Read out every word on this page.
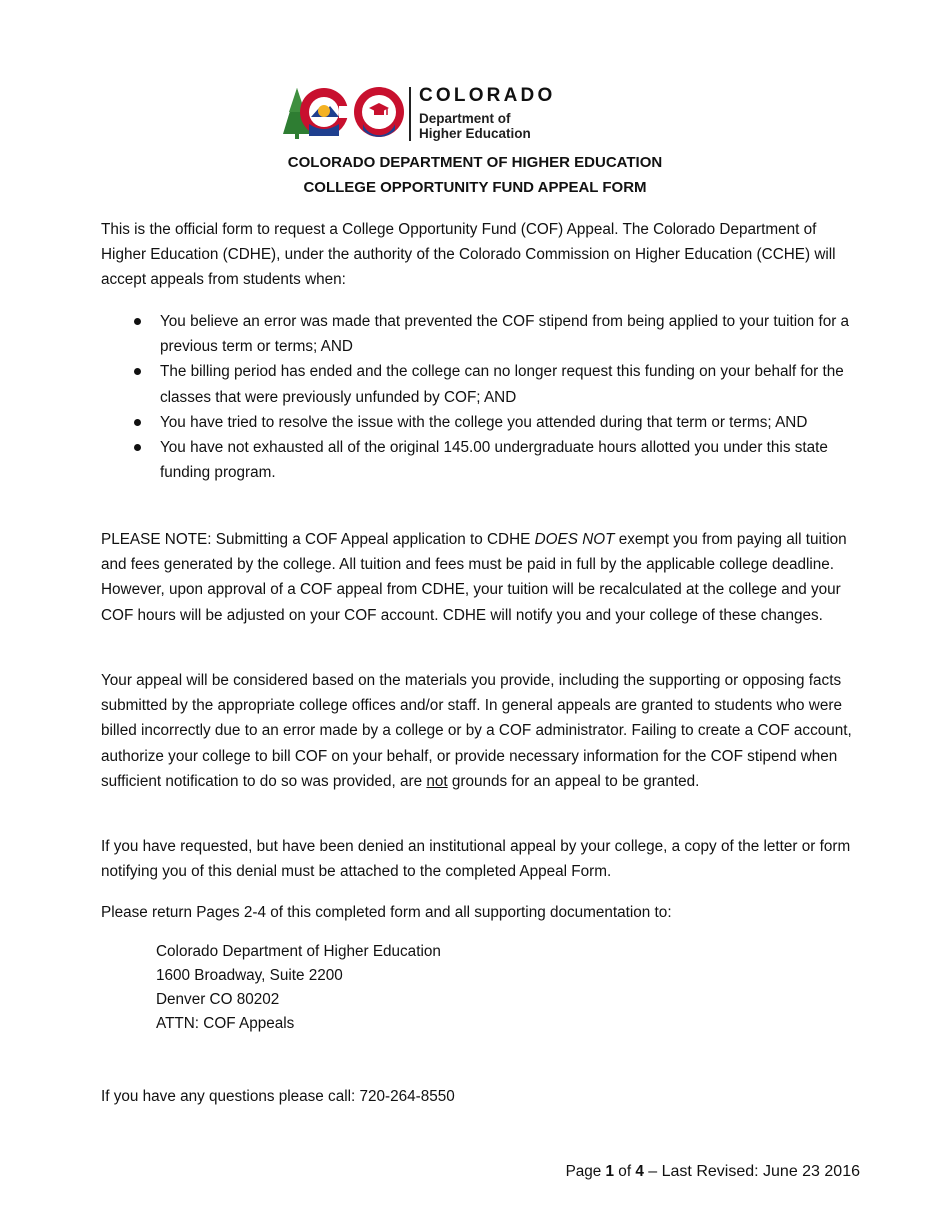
COLORADO
Department of
Higher Education
COLORADO DEPARTMENT OF HIGHER EDUCATION
COLLEGE OPPORTUNITY FUND APPEAL FORM

This is the official form to request a College Opportunity Fund (COF) Appeal. The Colorado Department of Higher Education (CDHE), under the authority of the Colorado Commission on Higher Education (CCHE) will accept appeals from students when:

You believe an error was made that prevented the COF stipend from being applied to your tuition for a previous term or terms; AND
The billing period has ended and the college can no longer request this funding on your behalf for the classes that were previously unfunded by COF; AND
You have tried to resolve the issue with the college you attended during that term or terms; AND
You have not exhausted all of the original 145.00 undergraduate hours allotted you under this state funding program.

PLEASE NOTE: Submitting a COF Appeal application to CDHE DOES NOT exempt you from paying all tuition and fees generated by the college. All tuition and fees must be paid in full by the applicable college deadline. However, upon approval of a COF appeal from CDHE, your tuition will be recalculated at the college and your COF hours will be adjusted on your COF account. CDHE will notify you and your college of these changes.

Your appeal will be considered based on the materials you provide, including the supporting or opposing facts submitted by the appropriate college offices and/or staff. In general appeals are granted to students who were billed incorrectly due to an error made by a college or by a COF administrator. Failing to create a COF account, authorize your college to bill COF on your behalf, or provide necessary information for the COF stipend when sufficient notification to do so was provided, are not grounds for an appeal to be granted.

If you have requested, but have been denied an institutional appeal by your college, a copy of the letter or form notifying you of this denial must be attached to the completed Appeal Form.

Please return Pages 2-4 of this completed form and all supporting documentation to:

Colorado Department of Higher Education
1600 Broadway, Suite 2200
Denver CO 80202
ATTN: COF Appeals

If you have any questions please call: 720-264-8550

Page 1 of 4 – Last Revised: June 23 2016
